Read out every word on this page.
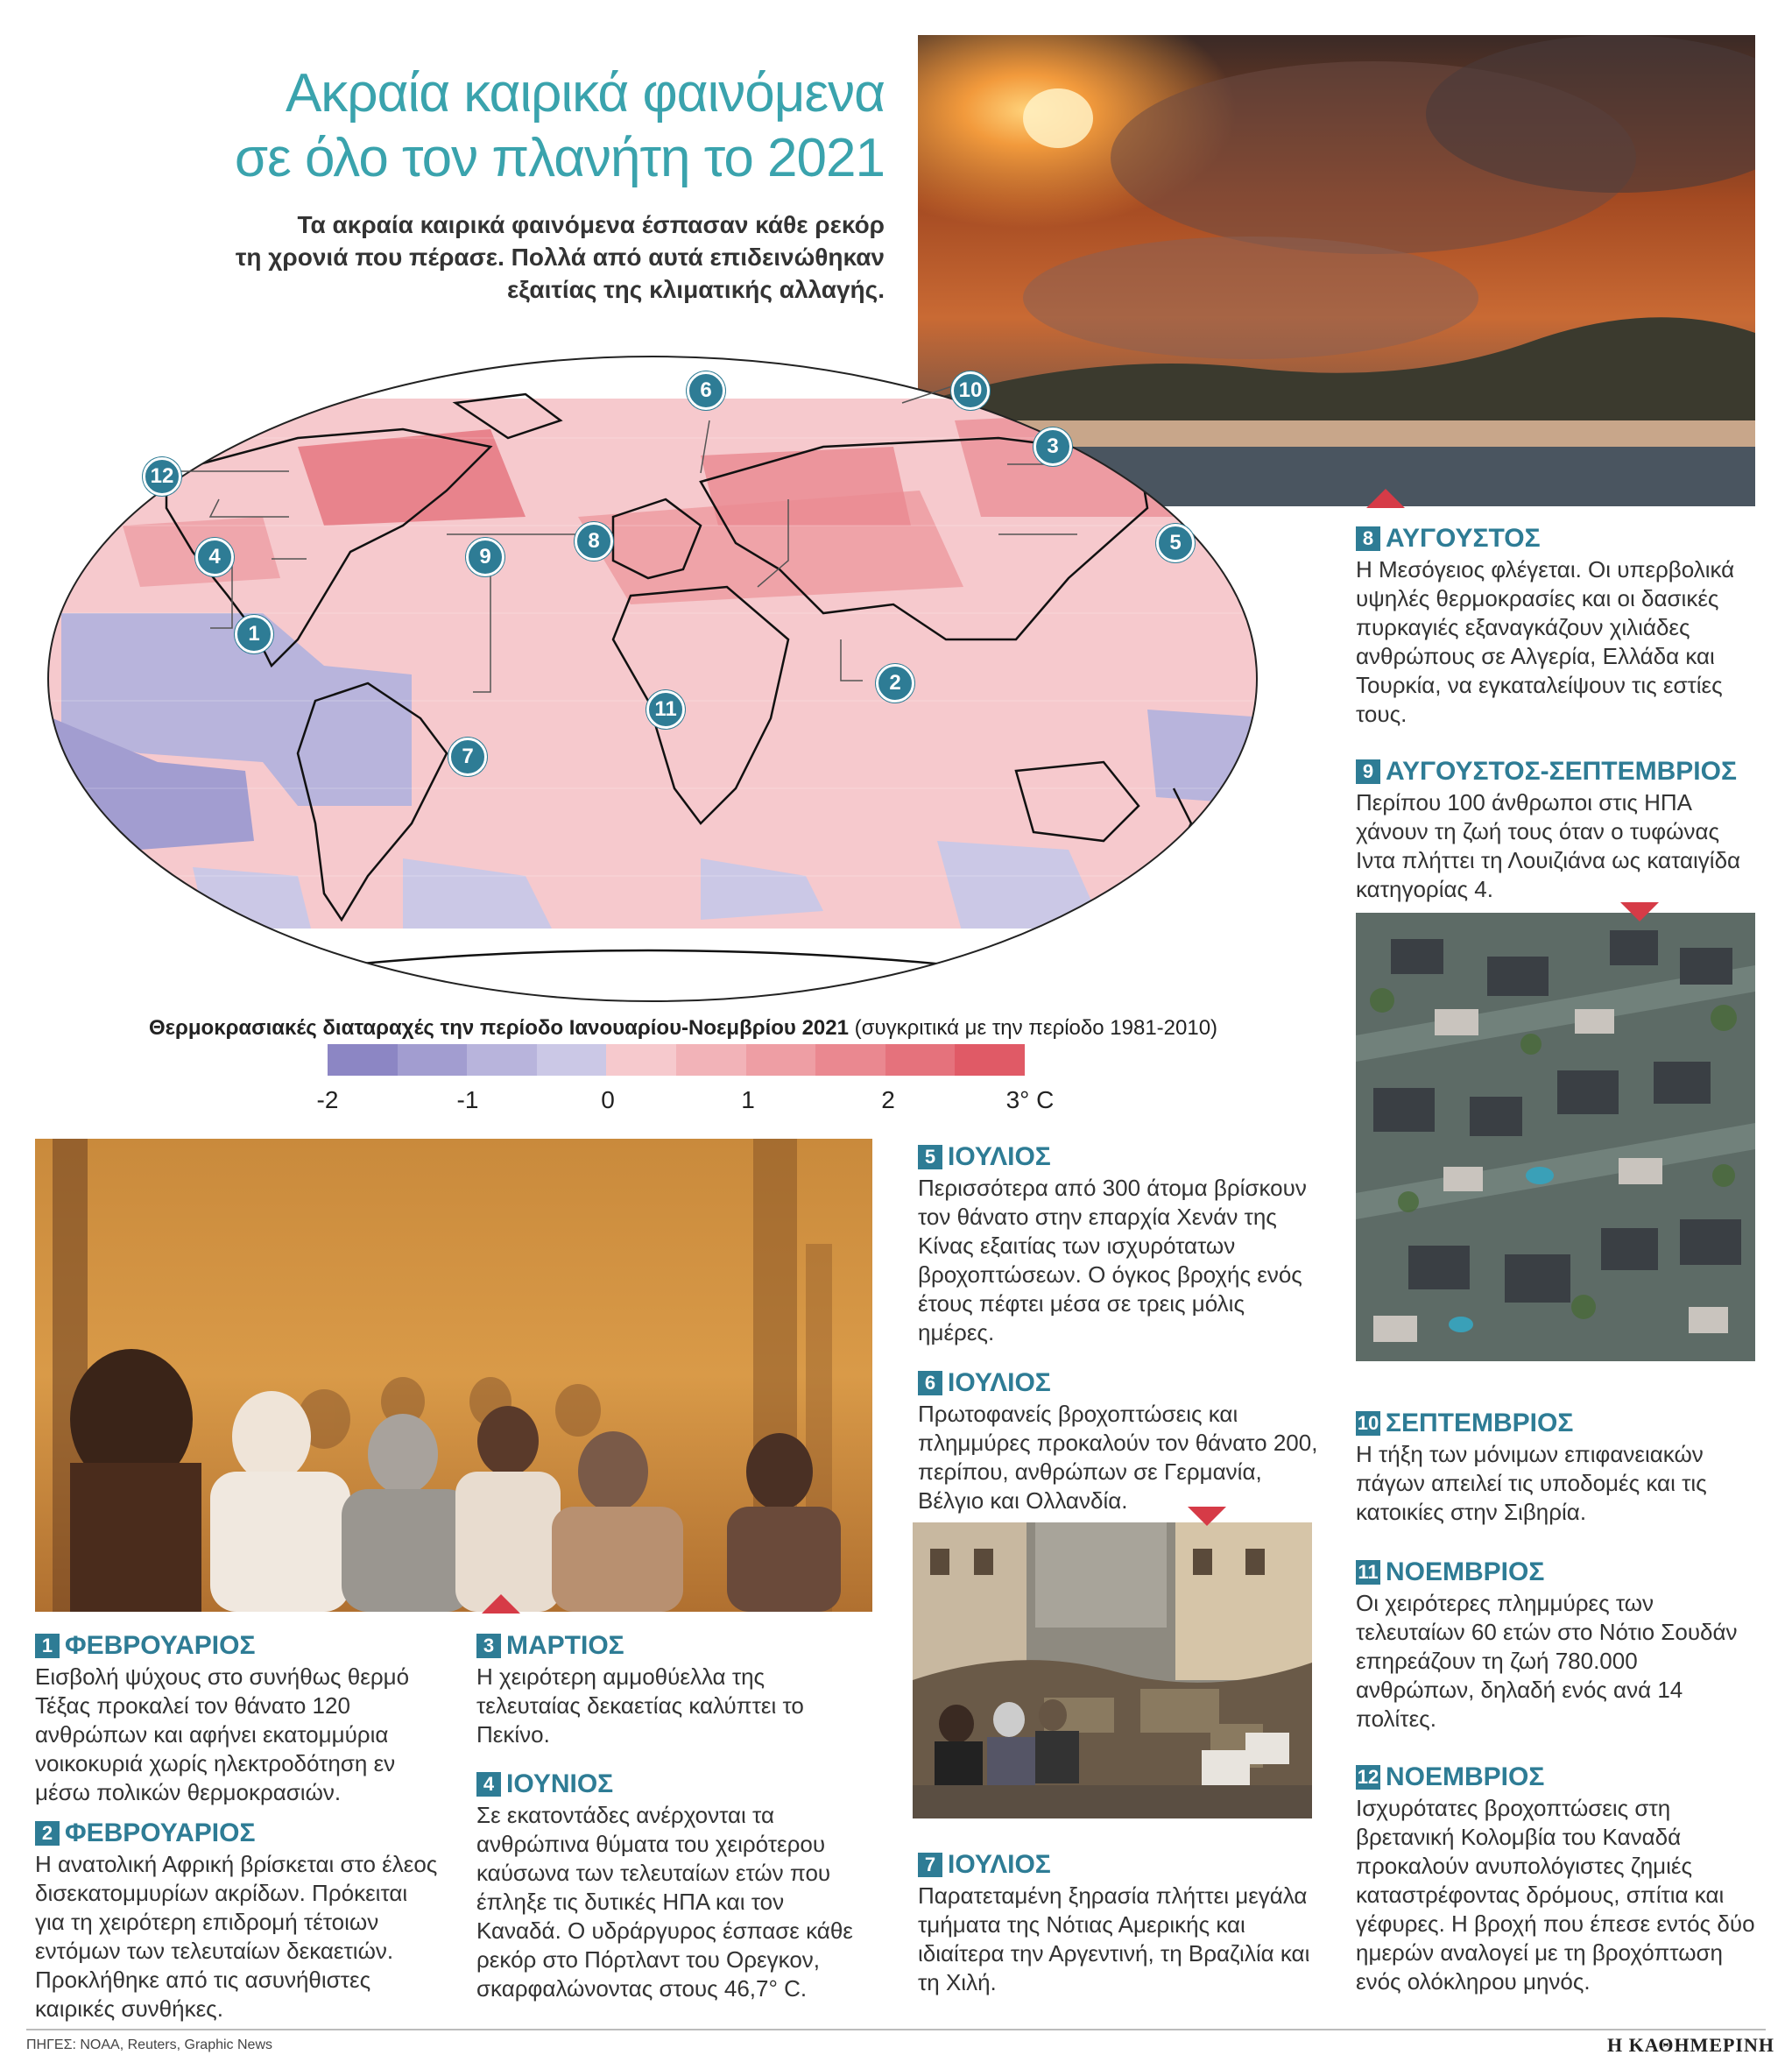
Ακραία καιρικά φαινόμενα
σε όλο τον πλανήτη το 2021
Τα ακραία καιρικά φαινόμενα έσπασαν κάθε ρεκόρ
τη χρονιά που πέρασε. Πολλά από αυτά επιδεινώθηκαν
εξαιτίας της κλιματικής αλλαγής.
12
4	9
1
8
6	10
3
5
2
11
7
Θερμοκρασιακές διαταραχές την περίοδο Ιανουαρίου-Νοεμβρίου 2021 (συγκριτικά με την περίοδο 1981-2010)
-2	-1	0	1	2	3° C
8 ΑΥΓΟΥΣΤΟΣ
Η Μεσόγειος φλέγεται. Οι υπερβολικά υψηλές θερμοκρασίες και οι δασικές πυρκαγιές εξαναγκάζουν χιλιάδες ανθρώπους σε Αλγερία, Ελλάδα και Τουρκία, να εγκαταλείψουν τις εστίες τους.
9 ΑΥΓΟΥΣΤΟΣ-ΣΕΠΤΕΜΒΡΙΟΣ
Περίπου 100 άνθρωποι στις ΗΠΑ χάνουν τη ζωή τους όταν ο τυφώνας Ιντα πλήττει τη Λουιζιάνα ως καταιγίδα κατηγορίας 4.
10 ΣΕΠΤΕΜΒΡΙΟΣ
Η τήξη των μόνιμων επιφανειακών πάγων απειλεί τις υποδομές και τις κατοικίες στην Σιβηρία.
11 ΝΟΕΜΒΡΙΟΣ
Οι χειρότερες πλημμύρες των τελευταίων 60 ετών στο Νότιο Σουδάν επηρεάζουν τη ζωή 780.000 ανθρώπων, δηλαδή ενός ανά 14 πολίτες.
12 ΝΟΕΜΒΡΙΟΣ
Ισχυρότατες βροχοπτώσεις στη βρετανική Κολομβία του Καναδά προκαλούν ανυπολόγιστες ζημιές καταστρέφοντας δρόμους, σπίτια και γέφυρες. Η βροχή που έπεσε εντός δύο ημερών αναλογεί με τη βροχόπτωση ενός ολόκληρου μηνός.
5 ΙΟΥΛΙΟΣ
Περισσότερα από 300 άτομα βρίσκουν τον θάνατο στην επαρχία Χενάν της Κίνας εξαιτίας των ισχυρότατων βροχοπτώσεων. Ο όγκος βροχής ενός έτους πέφτει μέσα σε τρεις μόλις ημέρες.
6 ΙΟΥΛΙΟΣ
Πρωτοφανείς βροχοπτώσεις και πλημμύρες προκαλούν τον θάνατο 200, περίπου, ανθρώπων σε Γερμανία, Βέλγιο και Ολλανδία.
7 ΙΟΥΛΙΟΣ
Παρατεταμένη ξηρασία πλήττει μεγάλα τμήματα της Νότιας Αμερικής και ιδιαίτερα την Αργεντινή, τη Βραζιλία και τη Χιλή.
1 ΦΕΒΡΟΥΑΡΙΟΣ
Εισβολή ψύχους στο συνήθως θερμό Τέξας προκαλεί τον θάνατο 120 ανθρώπων και αφήνει εκατομμύρια νοικοκυριά χωρίς ηλεκτροδότηση εν μέσω πολικών θερμοκρασιών.
2 ΦΕΒΡΟΥΑΡΙΟΣ
Η ανατολική Αφρική βρίσκεται στο έλεος δισεκατομμυρίων ακρίδων. Πρόκειται για τη χειρότερη επιδρομή τέτοιων εντόμων των τελευταίων δεκαετιών. Προκλήθηκε από τις ασυνήθιστες καιρικές συνθήκες.
3 ΜΑΡΤΙΟΣ
Η χειρότερη αμμοθύελλα της τελευταίας δεκαετίας καλύπτει το Πεκίνο.
4 ΙΟΥΝΙΟΣ
Σε εκατοντάδες ανέρχονται τα ανθρώπινα θύματα του χειρότερου καύσωνα των τελευταίων ετών που έπληξε τις δυτικές ΗΠΑ και τον Καναδά. Ο υδράργυρος έσπασε κάθε ρεκόρ στο Πόρτλαντ του Ορεγκον, σκαρφαλώνοντας στους 46,7° C.
ΠΗΓΕΣ: NOAA, Reuters, Graphic News	Η ΚΑΘΗΜΕΡΙΝΗ
